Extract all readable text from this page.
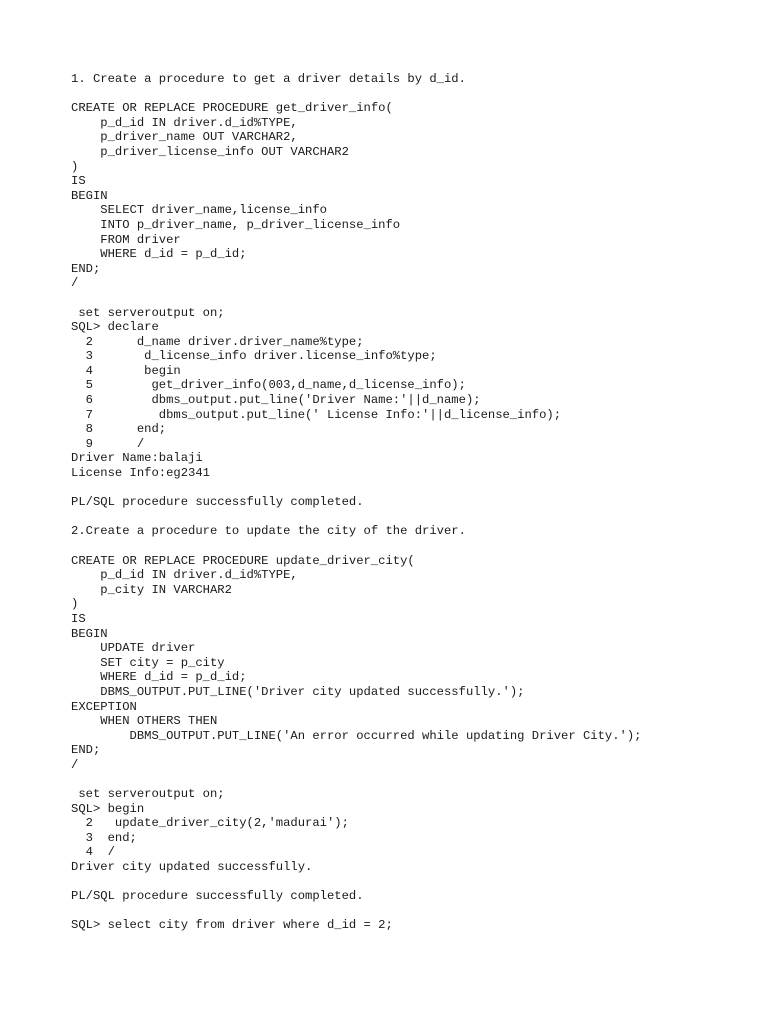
1. Create a procedure to get a driver details by d_id.
CREATE OR REPLACE PROCEDURE get_driver_info(
p_d_id IN driver.d_id%TYPE,
p_driver_name OUT VARCHAR2,
p_driver_license_info OUT VARCHAR2
)
IS
BEGIN
SELECT driver_name,license_info
INTO p_driver_name, p_driver_license_info
FROM driver
WHERE d_id = p_d_id;
END;
/
set serveroutput on;
SQL> declare
2      d_name driver.driver_name%type;
3       d_license_info driver.license_info%type;
4       begin
5        get_driver_info(003,d_name,d_license_info);
6        dbms_output.put_line('Driver Name:'||d_name);
7         dbms_output.put_line(' License Info:'||d_license_info);
8      end;
9      /
Driver Name:balaji
License Info:eg2341
PL/SQL procedure successfully completed.
2.Create a procedure to update the city of the driver.
CREATE OR REPLACE PROCEDURE update_driver_city(
p_d_id IN driver.d_id%TYPE,
p_city IN VARCHAR2
)
IS
BEGIN
UPDATE driver
SET city = p_city
WHERE d_id = p_d_id;
DBMS_OUTPUT.PUT_LINE('Driver city updated successfully.');
EXCEPTION
WHEN OTHERS THEN
DBMS_OUTPUT.PUT_LINE('An error occurred while updating Driver City.');
END;
/
set serveroutput on;
SQL> begin
2   update_driver_city(2,'madurai');
3  end;
4  /
Driver city updated successfully.
PL/SQL procedure successfully completed.
SQL> select city from driver where d_id = 2;
